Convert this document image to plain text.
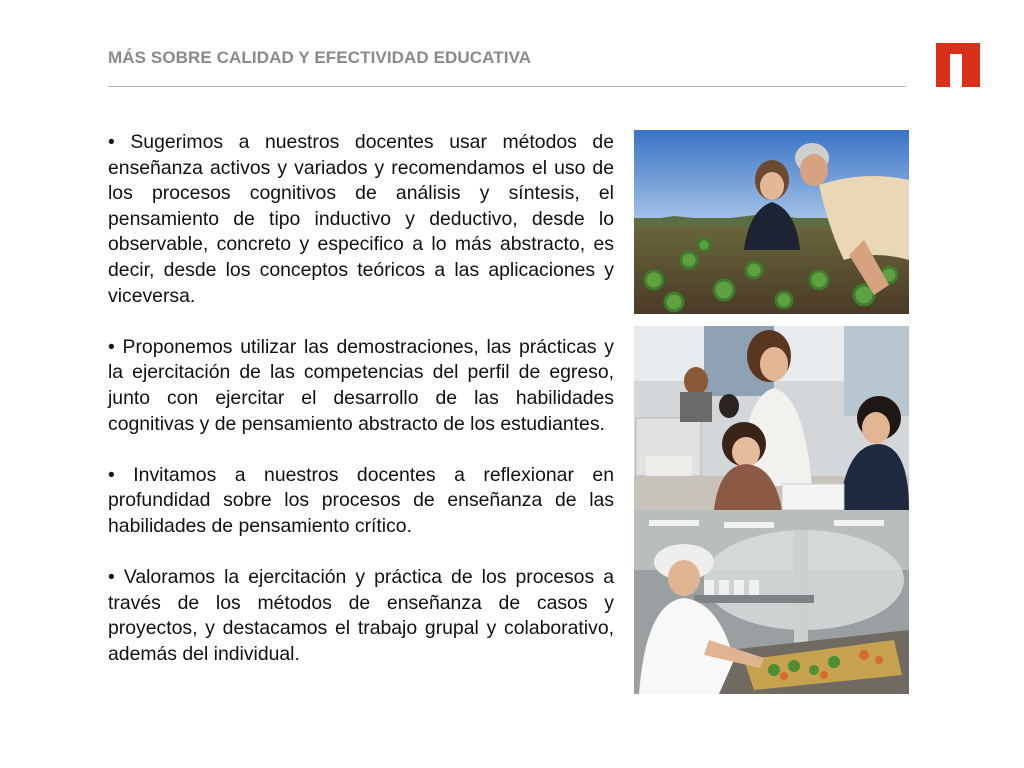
MÁS SOBRE CALIDAD Y EFECTIVIDAD EDUCATIVA

• Sugerimos a nuestros docentes usar métodos de enseñanza activos y variados y recomendamos el uso de los procesos cognitivos de análisis y síntesis, el pensamiento de tipo inductivo y deductivo, desde lo observable, concreto y especifico a lo más abstracto, es decir, desde los conceptos teóricos a las aplicaciones y viceversa.

• Proponemos utilizar las demostraciones, las prácticas y la ejercitación de las competencias del perfil de egreso, junto con ejercitar el desarrollo de las habilidades cognitivas y de pensamiento abstracto de los estudiantes.

• Invitamos a nuestros docentes a reflexionar en profundidad sobre los procesos de enseñanza de las habilidades de pensamiento crítico.

• Valoramos la ejercitación y práctica de los procesos a través de los métodos de enseñanza de casos y proyectos, y destacamos el trabajo grupal y colaborativo, además del individual.
